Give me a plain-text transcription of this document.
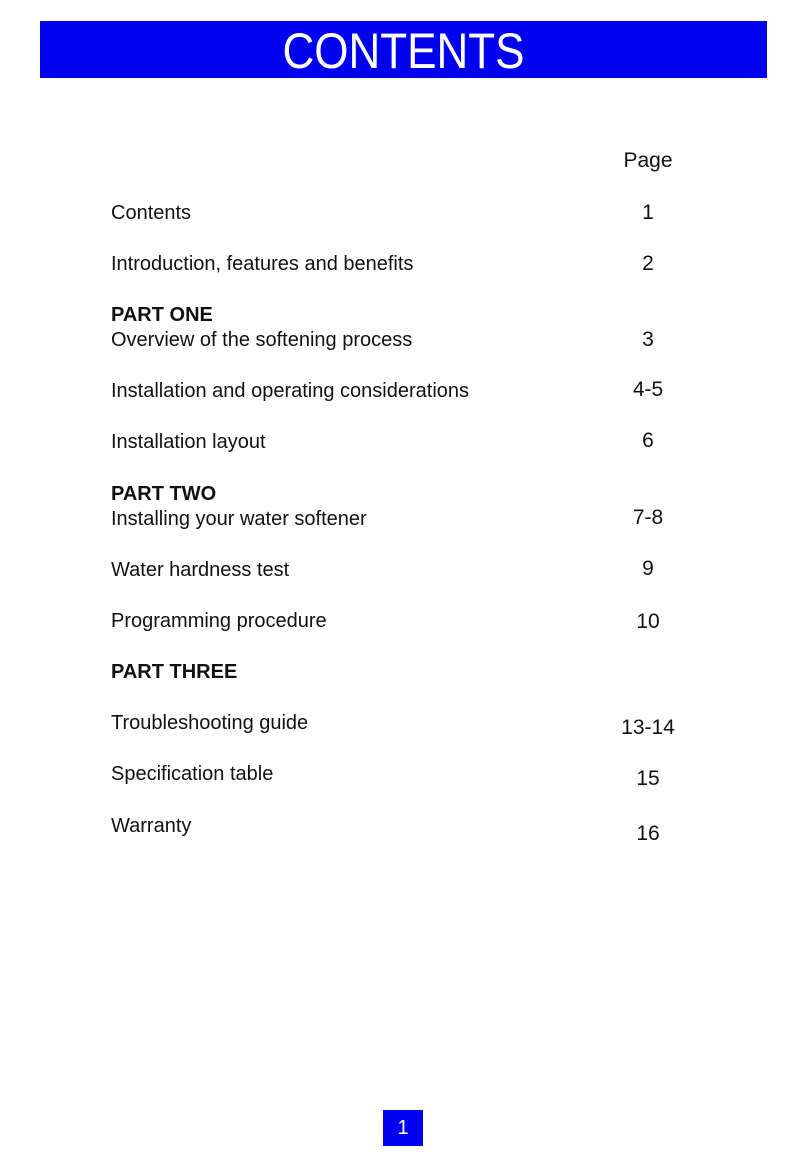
CONTENTS
Page
Contents	1
Introduction, features and benefits	2
PART ONE
Overview of the softening process	3
Installation and operating considerations	4-5
Installation layout	6
PART TWO
Installing your water softener	7-8
Water hardness test	9
Programming procedure	10
PART THREE
Troubleshooting guide	13-14
Specification table	15
Warranty	16
1
